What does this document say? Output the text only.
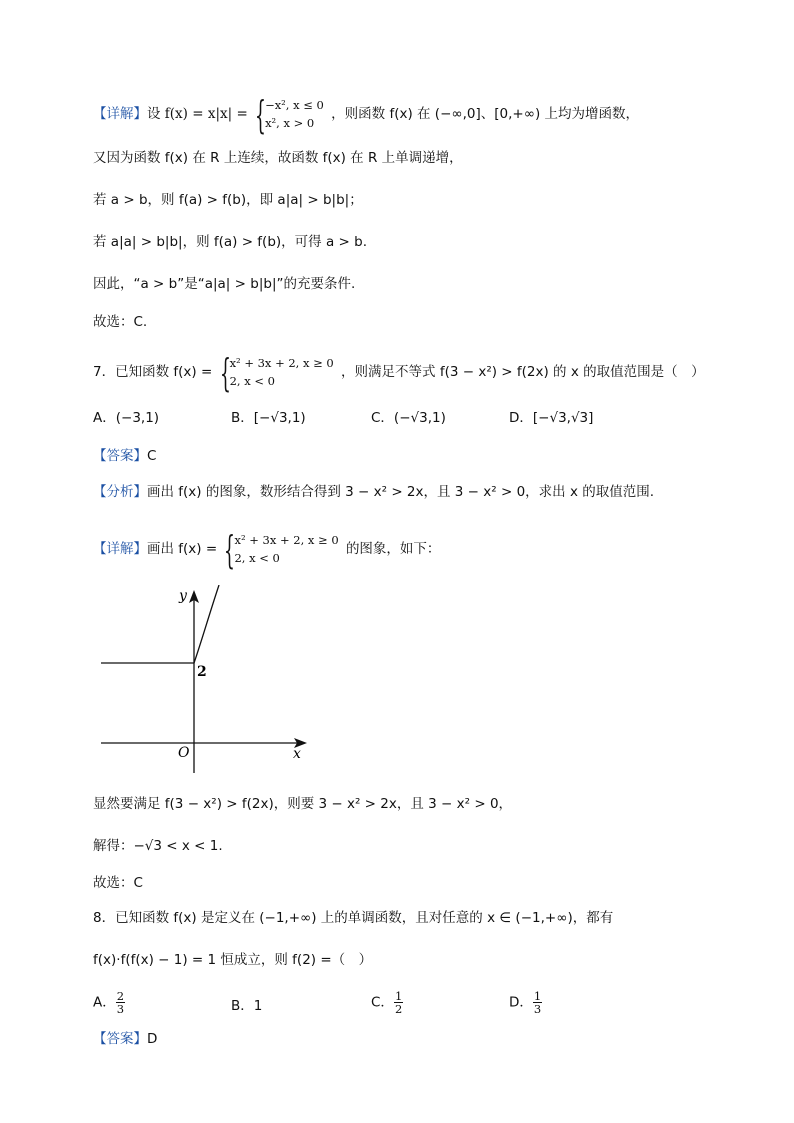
【详解】设 f(x) = x|x| = { −x², x ≤ 0
x², x > 0
，则函数 f(x) 在 (−∞,0]、[0,+∞) 上均为增函数，
又因为函数 f(x) 在 R 上连续，故函数 f(x) 在 R 上单调递增，
若 a > b，则 f(a) > f(b)，即 a|a| > b|b|；
若 a|a| > b|b|，则 f(a) > f(b)，可得 a > b.
因此，“a > b”是“a|a| > b|b|”的充要条件.
故选：C.
7．已知函数 f(x) = { x² + 3x + 2, x ≥ 0
2, x < 0
，则满足不等式 f(3 − x²) > f(2x) 的 x 的取值范围是（　）
A．(−3,1)	B．[−√3,1)	C．(−√3,1)	D．[−√3,√3]
【答案】C
【分析】画出 f(x) 的图象，数形结合得到 3 − x² > 2x，且 3 − x² > 0，求出 x 的取值范围.
【详解】画出 f(x) = { x² + 3x + 2, x ≥ 0
2, x < 0
的图象，如下：
y
x
O
2
显然要满足 f(3 − x²) > f(2x)，则要 3 − x² > 2x，且 3 − x² > 0，
解得：−√3 < x < 1.
故选：C
8．已知函数 f(x) 是定义在 (−1,+∞) 上的单调函数，且对任意的 x ∈ (−1,+∞)，都有
f(x)·f(f(x) − 1) = 1 恒成立，则 f(2) =（　）
A． $\frac{2}{3}$	B．1	C． $\frac{1}{2}$	D． $\frac{1}{3}$
【答案】D
